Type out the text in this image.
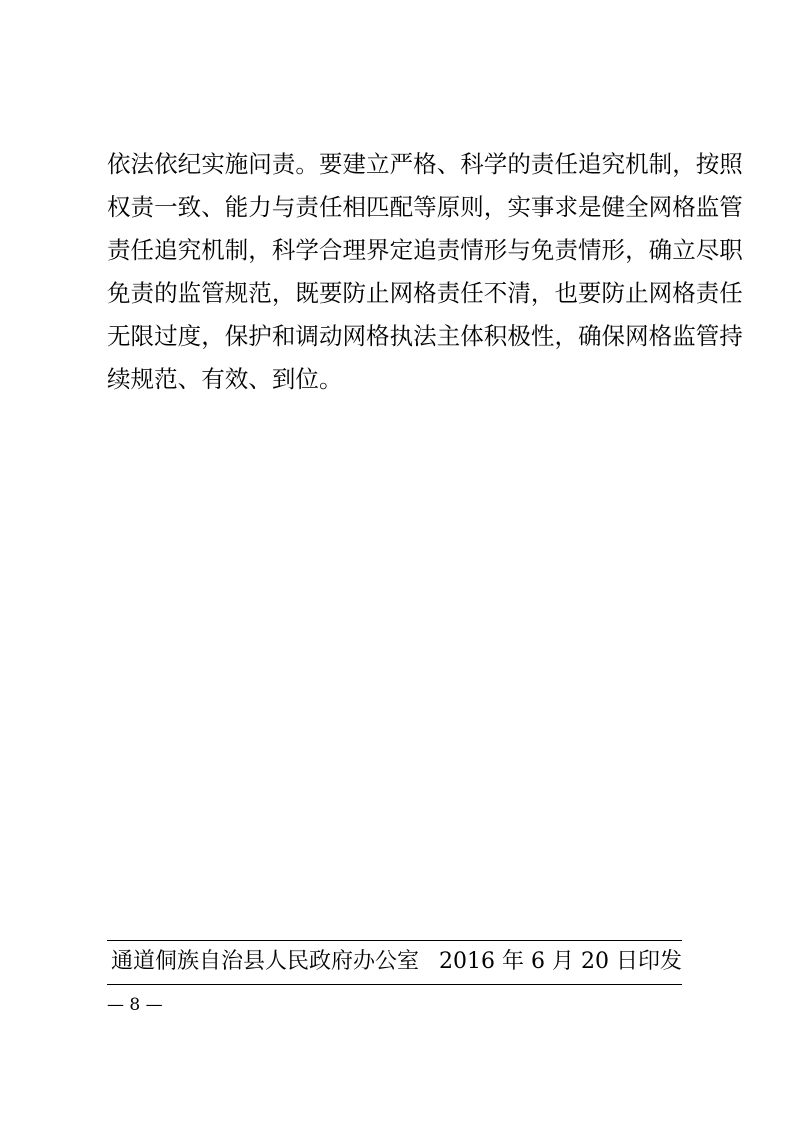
依法依纪实施问责。要建立严格、科学的责任追究机制，按照
权责一致、能力与责任相匹配等原则，实事求是健全网格监管
责任追究机制，科学合理界定追责情形与免责情形，确立尽职
免责的监管规范，既要防止网格责任不清，也要防止网格责任
无限过度，保护和调动网格执法主体积极性，确保网格监管持
续规范、有效、到位。
通道侗族自治县人民政府办公室 2016 年 6 月 20 日印发
— 8 —
